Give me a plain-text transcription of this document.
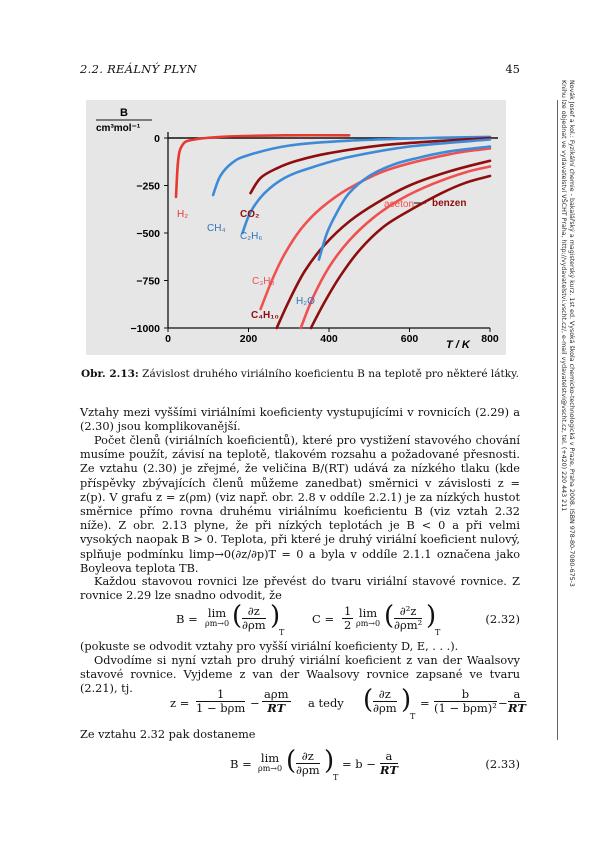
2.2. REÁLNÝ PLYN	45
Novák Josef a kol.: Fyzikální chemie - bakalářský a magisterský kurz. 1st ed. Vysoká škola chemicko-technologická v Praze, Praha 2008. ISBN 978-80-7080-675-3
Knihu lze objednat ve vydavatelství VŠCHT Praha, http://vydavatelstvi.vscht.cz/, e-mail vydavatelstvi@vscht.cz, tel. (+420) 220 443 211
B
cm³mol⁻¹
0
−250
−500
−750
−1000
0	200	400	600	800
T / K
H₂
CH₄
CO₂
C₂H₆
C₃H₈
C₄H₁₀
aceton
H₂O
benzen
Obr. 2.13: Závislost druhého viriálního koeficientu B na teplotě pro některé látky.
Vztahy mezi vyššími viriálními koeficienty vystupujícími v rovnicích (2.29) a (2.30) jsou komplikovanější.
Počet členů (viriálních koeficientů), které pro vystižení stavového chování musíme použít, závisí na teplotě, tlakovém rozsahu a požadované přesnosti. Ze vztahu (2.30) je zřejmé, že veličina B/(RT) udává za nízkého tlaku (kde příspěvky zbývajících členů můžeme zanedbat) směrnici v závislosti z = z(p). V grafu z = z(ρm) (viz např. obr. 2.8 v oddíle 2.2.1) je za nízkých hustot směrnice přímo rovna druhému viriálnímu koeficientu B (viz vztah 2.32 níže). Z obr. 2.13 plyne, že při nízkých teplotách je B < 0 a při velmi vysokých naopak B > 0. Teplota, při které je druhý viriální koeficient nulový, splňuje podmínku limp→0(∂z/∂p)T = 0 a byla v oddíle 2.1.1 označena jako Boyleova teplota TB.
Každou stavovou rovnici lze převést do tvaru viriální stavové rovnice. Z rovnice 2.29 lze snadno odvodit, že
B = lim
ρm→0 ( $\frac{\partial z}{\partial\rho m}$ )
T
$C = \frac{1}{2}$ lim
ρm→0 ( $\frac{\text{∂²z}}{\text{∂ρm²}}$ )
T
(2.32)
(pokuste se odvodit vztahy pro vyšší viriální koeficienty D, E, . . .).
Odvodíme si nyní vztah pro druhý viriální koeficient z van der Waalsovy stavové rovnice. Vyjdeme z van der Waalsovy rovnice zapsané ve tvaru (2.21), tj.
z =
1
1 − bρm −
aρm
RT	a tedy ( $\frac{\partial z}{\partial\rho m}$ )
T
=
b
$(1 - b\rho m)^2 - \frac{a}{RT}$
Ze vztahu 2.32 pak dostaneme
B = lim
ρm→0 ( $\frac{\partial z}{\partial\rho m}$ )
T
= $b - \frac{a}{RT}$	(2.33)
